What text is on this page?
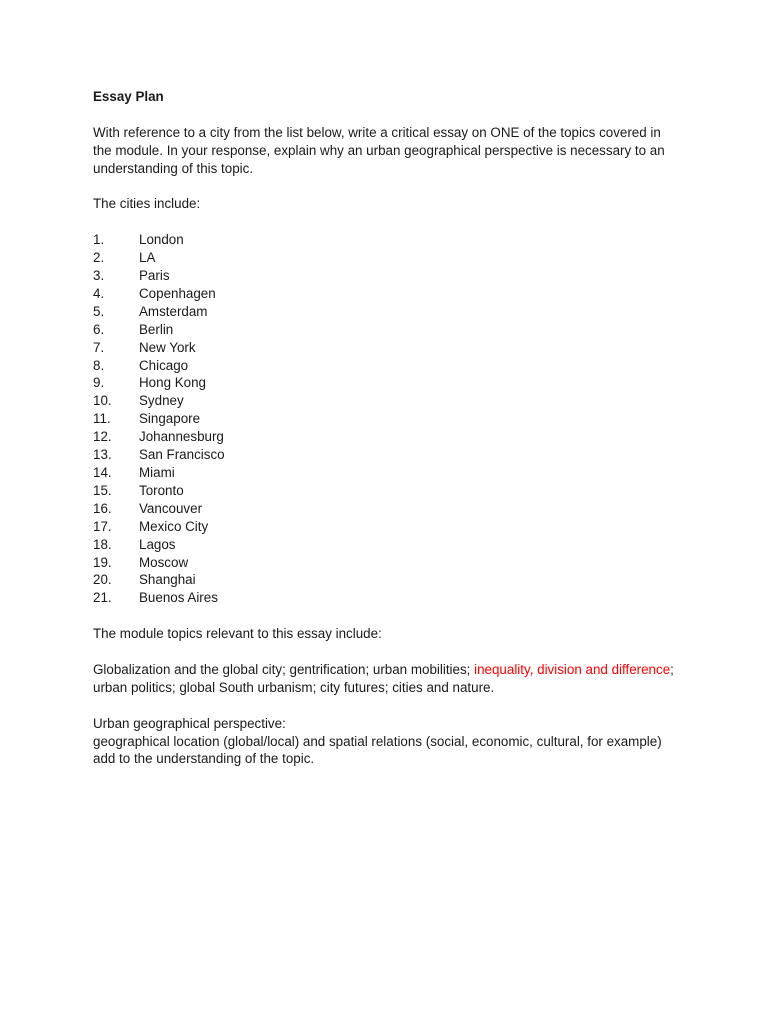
Essay Plan

With reference to a city from the list below, write a critical essay on ONE of the topics covered in the module. In your response, explain why an urban geographical perspective is necessary to an understanding of this topic.

The cities include:

1.	London
2.	LA
3.	Paris
4.	Copenhagen
5.	Amsterdam
6.	Berlin
7.	New York
8.	Chicago
9.	Hong Kong
10.	Sydney
11.	Singapore
12.	Johannesburg
13.	San Francisco
14.	Miami
15.	Toronto
16.	Vancouver
17.	Mexico City
18.	Lagos
19.	Moscow
20.	Shanghai
21.	Buenos Aires

The module topics relevant to this essay include:

Globalization and the global city; gentrification; urban mobilities; inequality, division and difference; urban politics; global South urbanism; city futures; cities and nature.

Urban geographical perspective:

geographical location (global/local) and spatial relations (social, economic, cultural, for example) add to the understanding of the topic.
